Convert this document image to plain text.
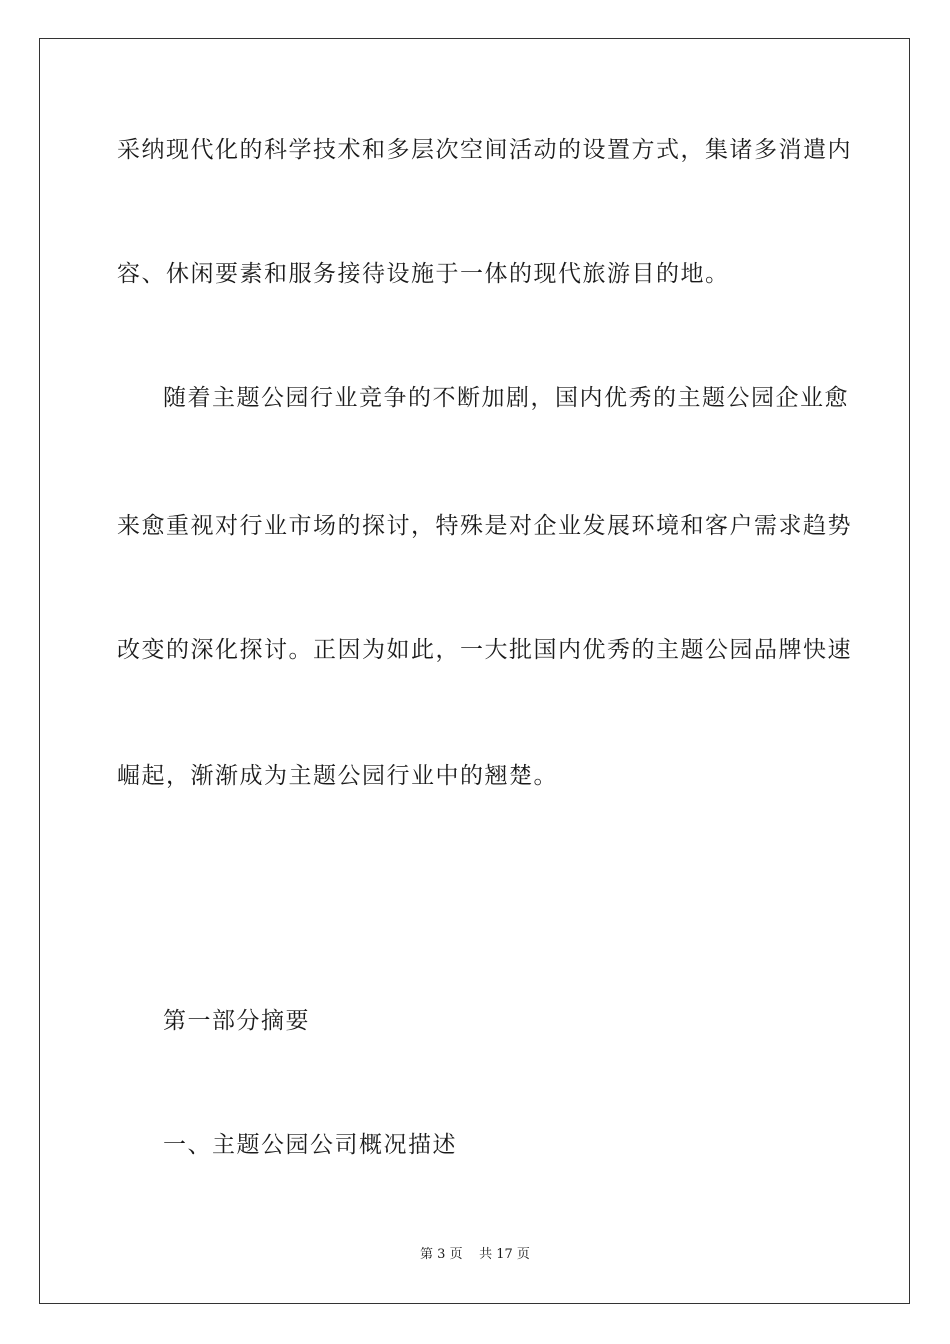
采纳现代化的科学技术和多层次空间活动的设置方式，集诸多消遣内
容、休闲要素和服务接待设施于一体的现代旅游目的地。
随着主题公园行业竞争的不断加剧，国内优秀的主题公园企业愈
来愈重视对行业市场的探讨，特殊是对企业发展环境和客户需求趋势
改变的深化探讨。正因为如此，一大批国内优秀的主题公园品牌快速
崛起，渐渐成为主题公园行业中的翘楚。
第一部分摘要
一、主题公园公司概况描述
第 3 页 共 17 页
